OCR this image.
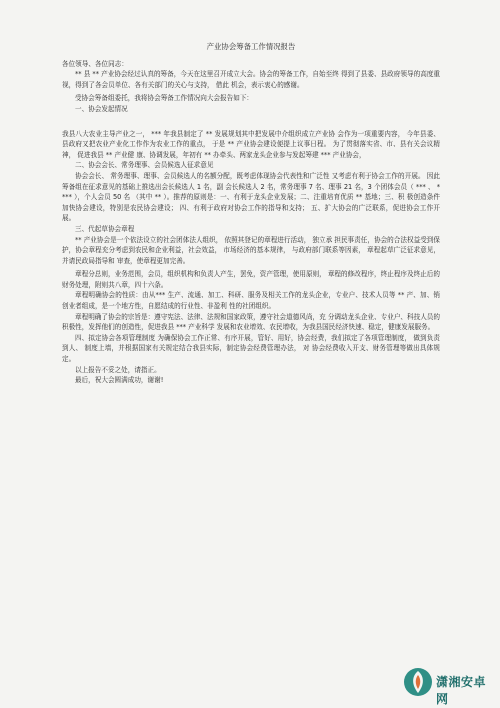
产业协会筹备工作情况报告

各位领导、各位同志：

** 县 ** 产业协会经过认真的筹备，今天在这里召开成立大会。协会的筹备工作，自始至终 得到了县委、县政府领导的高度重视，得到了各会员单位、各有关部门的关心与支持， 借此 机会，表示衷心的感谢。

受协会筹备组委托，我将协会筹备工作情况向大会报告如下：

一、协会发起情况

我县八大农业主导产业之一， *** 年我县制定了 ** 发展规划其中把发展中介组织成立产业协 会作为一项重要内容， 今年县委、 县政府又把农业产业化工作作为农业工作的重点， 于是 ** 产业协会建设便提上议事日程。 为了贯彻落实省、市、县有关会议精神， 促进我县 ** 产业健 康、协调发展，年初有 ** 办牵头、两家龙头企业参与发起筹建 *** 产业协会，

二、协会会长、常务理事、会员候选人征求意见

协会会长、 常务理事、理事、会员候选人的名额分配，既考虑体现协会代表性和广泛性 又考虑有利于协会工作的开展。 因此筹备组在征求意见的基础上推选出会长候选人 1 名，副 会长候选人 2 名，常务理事 7 名、理事 21 名，3 个团体会员（ *** 、 **** ），个人会员 50 名 （其中 ** ）。推荐的原则是：一、有利于龙头企业发展；二、注重培育优质 ** 基地；三、积 极创造条件加快协会建设，特别是农民协会建设； 四、有利于政府对协会工作的指导和支持； 五、扩大协会的广泛联系，促进协会工作开展。

三、代起草协会章程

** 产业协会是一个依法设立的社会团体法人组织， 依照其登记的章程进行活动， 独立承 担民事责任，协会的合法权益受到保护，协会章程充分考虑到农民和企业利益，社会效益， 市场经济的基本规律， 与政府部门联系等因素， 章程起草广泛征求意见， 并请民政局指导和 审查，使章程更加完善。

章程分总则，业务范围，会员，组织机构和负责人产生，罢免，资产管理，使用原则， 章程的修改程序，终止程序及终止后的财务处理，附则共八章，四十六条。

章程明确协会的性质：由从*** 生产、流通、加工、科研、服务及相关工作的龙头企业，专业户、技术人员等 ** 产、加、销创业者组成，是一个地方性，自愿结成的行业性、非盈利 性的社团组织。

章程明确了协会的宗旨是：遵守宪法、法律、法规和国家政策，遵守社会道德风尚，充 分调动龙头企业、专业户、科技人员的积极性，发挥他们的创造性，促进我县 *** 产业科学 发展和农业增效、农民增收，为我县国民经济快速、稳定，健康发展服务。

四、拟定协会各项管理制度 为确保协会工作正常、有序开展，管好、用好，协会经费，我们拟定了各项管理制度， 做到负责到人、 制度上墙，并根据国家有关规定结合我县实际，制定协会经费管理办法， 对 协会经费收入开支、财务管理等做出具体规定。

以上报告不妥之处，请指正。

最后，祝大会圆满成功，谢谢!

潇湘安卓网
